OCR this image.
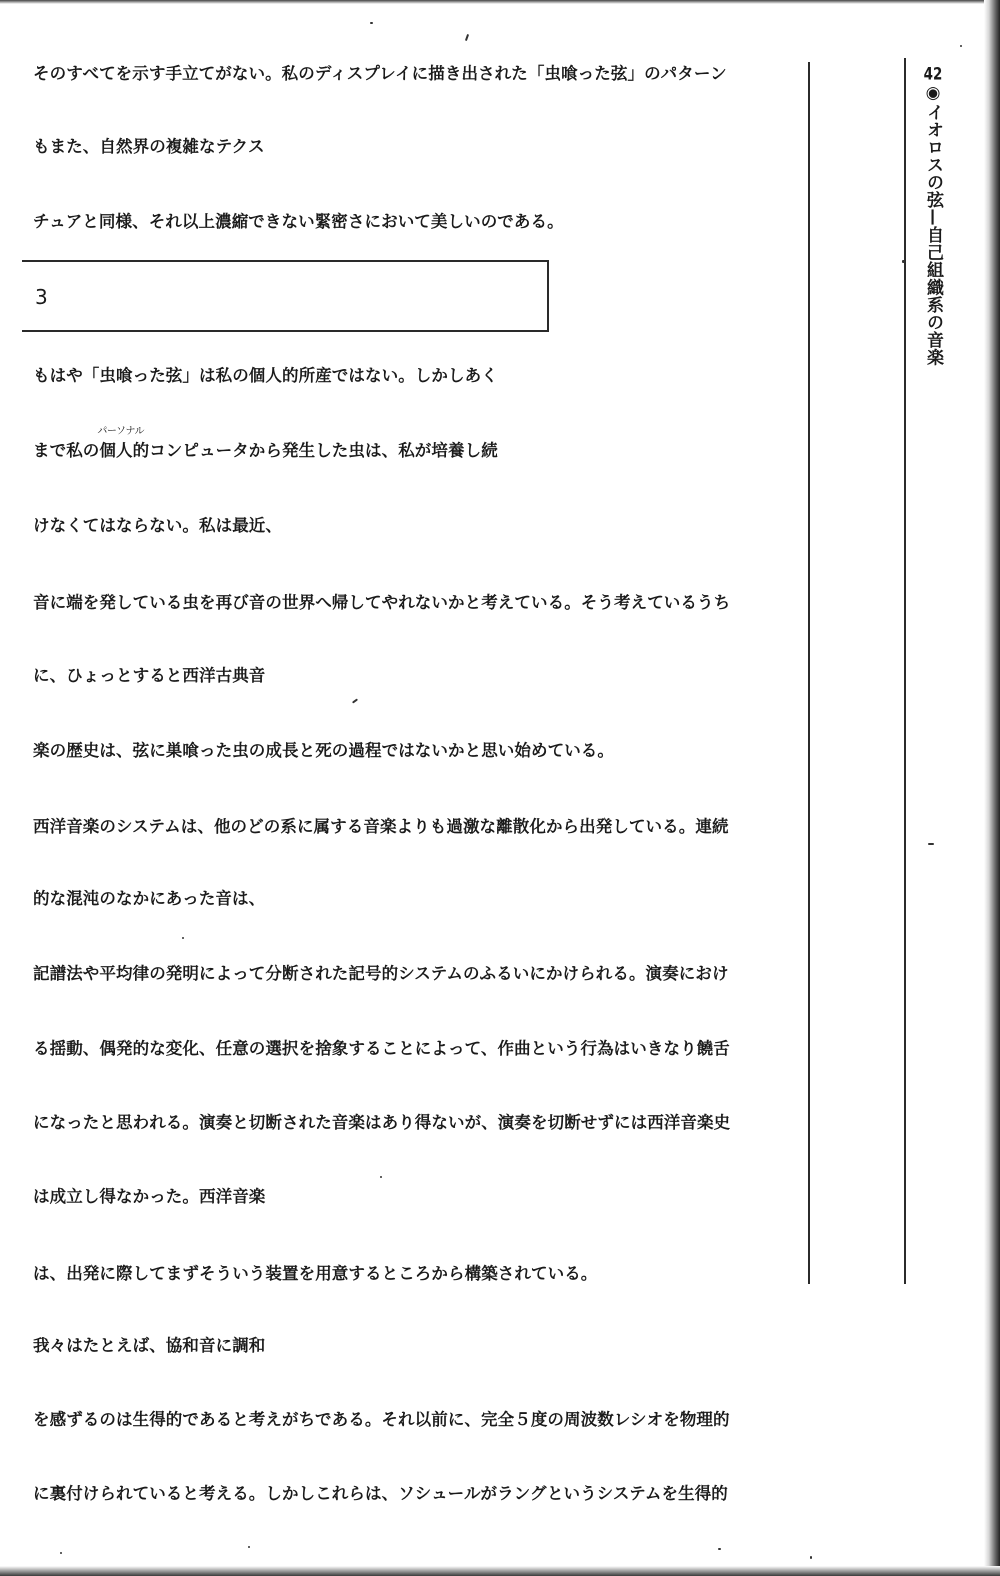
そのすべてを示す手立てがない。私のディスプレイに描き出された「虫喰った弦」のパターン
もまた、自然界の複雑なテクス
チュアと同様、それ以上濃縮できない緊密さにおいて美しいのである。
もはや「虫喰った弦」は私の個人的所産ではない。しかしあく
まで私の
パーソナル
個人的コンピュータから発生した虫は、私が培養し続
けなくてはならない。私は最近、
音に端を発している虫を再び音の世界へ帰してやれないかと考えている。そう考えているうち
に、ひょっとすると西洋古典音
楽の歴史は、弦に巣喰った虫の成長と死の過程ではないかと思い始めている。
西洋音楽のシステムは、他のどの系に属する音楽よりも過激な離散化から出発している。連続
的な混沌のなかにあった音は、
記譜法や平均律の発明によって分断された記号的システムのふるいにかけられる。演奏におけ
る揺動、偶発的な変化、任意の選択を捨象することによって、作曲という行為はいきなり饒舌
になったと思われる。演奏と切断された音楽はあり得ないが、演奏を切断せずには西洋音楽史
は成立し得なかった。西洋音楽
は、出発に際してまずそういう装置を用意するところから構築されている。
我々はたとえば、協和音に調和
を感ずるのは生得的であると考えがちである。それ以前に、完全５度の周波数レシオを物理的
に裏付けられていると考える。しかしこれらは、ソシュールがラングというシステムを生得的
3
42◉イオロスの弦—自己組織系の音楽
